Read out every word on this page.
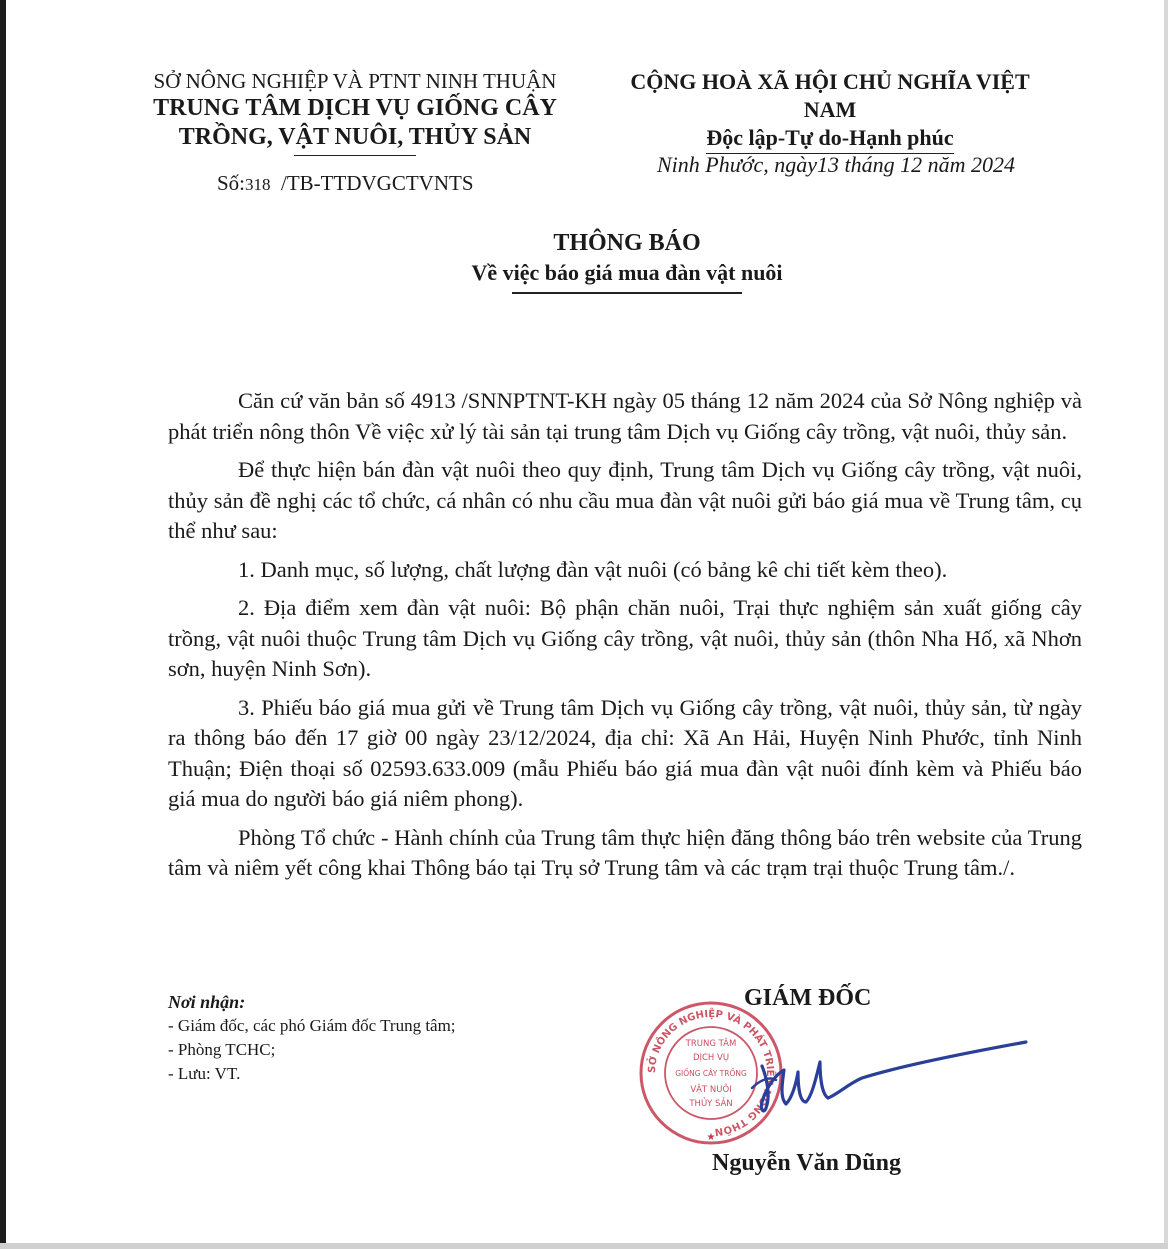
SỞ NÔNG NGHIỆP VÀ PTNT NINH THUẬN
TRUNG TÂM DỊCH VỤ GIỐNG CÂY
TRỒNG, VẬT NUÔI, THỦY SẢN
Số:318 /TB-TTDVGCTVNTS
CỘNG HOÀ XÃ HỘI CHỦ NGHĨA VIỆT NAM
Độc lập-Tự do-Hạnh phúc
Ninh Phước, ngày13 tháng 12 năm 2024
THÔNG BÁO
Về việc báo giá mua đàn vật nuôi

Căn cứ văn bản số 4913 /SNNPTNT-KH ngày 05 tháng 12 năm 2024 của Sở Nông nghiệp và phát triển nông thôn Về việc xử lý tài sản tại trung tâm Dịch vụ Giống cây trồng, vật nuôi, thủy sản.

Để thực hiện bán đàn vật nuôi theo quy định, Trung tâm Dịch vụ Giống cây trồng, vật nuôi, thủy sản đề nghị các tổ chức, cá nhân có nhu cầu mua đàn vật nuôi gửi báo giá mua về Trung tâm, cụ thể như sau:

1. Danh mục, số lượng, chất lượng đàn vật nuôi (có bảng kê chi tiết kèm theo).

2. Địa điểm xem đàn vật nuôi: Bộ phận chăn nuôi, Trại thực nghiệm sản xuất giống cây trồng, vật nuôi thuộc Trung tâm Dịch vụ Giống cây trồng, vật nuôi, thủy sản (thôn Nha Hố, xã Nhơn sơn, huyện Ninh Sơn).

3. Phiếu báo giá mua gửi về Trung tâm Dịch vụ Giống cây trồng, vật nuôi, thủy sản, từ ngày ra thông báo đến 17 giờ 00 ngày 23/12/2024, địa chỉ: Xã An Hải, Huyện Ninh Phước, tỉnh Ninh Thuận; Điện thoại số 02593.633.009 (mẫu Phiếu báo giá mua đàn vật nuôi đính kèm và Phiếu báo giá mua do người báo giá niêm phong).

Phòng Tổ chức - Hành chính của Trung tâm thực hiện đăng thông báo trên website của Trung tâm và niêm yết công khai Thông báo tại Trụ sở Trung tâm và các trạm trại thuộc Trung tâm./.

Nơi nhận:
- Giám đốc, các phó Giám đốc Trung tâm;
- Phòng TCHC;
- Lưu: VT.
GIÁM ĐỐC
SỞ NÔNG NGHIỆP VÀ PHÁT TRIỂN NÔNG THÔN
TRUNG TÂM
DỊCH VỤ
GIỐNG CÂY TRỒNG
VẬT NUÔI
THỦY SẢN
★
Nguyễn Văn Dũng
